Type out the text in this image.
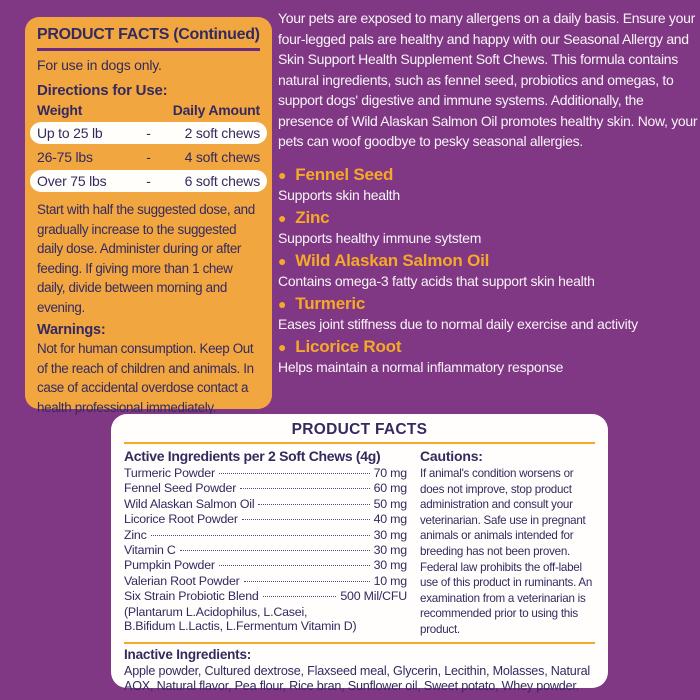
PRODUCT FACTS (Continued)
For use in dogs only.
Directions for Use:
Weight	Daily Amount
Up to 25 lb	-	2 soft chews
26-75 lbs	-	4 soft chews
Over 75 lbs	-	6 soft chews
Start with half the suggested dose, and gradually increase to the suggested daily dose. Administer during or after feeding. If giving more than 1 chew daily, divide between morning and evening.
Warnings:
Not for human consumption. Keep Out of the reach of children and animals. In case of accidental overdose contact a health professional immediately.

Your pets are exposed to many allergens on a daily basis. Ensure your four-legged pals are healthy and happy with our Seasonal Allergy and Skin Support Health Supplement Soft Chews. This formula contains natural ingredients, such as fennel seed, probiotics and omegas, to support dogs' digestive and immune systems. Additionally, the presence of Wild Alaskan Salmon Oil promotes healthy skin. Now, your pets can woof goodbye to pesky seasonal allergies.

● Fennel Seed
Supports skin health
● Zinc
Supports healthy immune sytstem
● Wild Alaskan Salmon Oil
Contains omega-3 fatty acids that support skin health
● Turmeric
Eases joint stiffness due to normal daily exercise and activity
● Licorice Root
Helps maintain a normal inflammatory response
PRODUCT FACTS
Active Ingredients per 2 Soft Chews (4g)
Turmeric Powder	70 mg
Fennel Seed Powder	60 mg
Wild Alaskan Salmon Oil	50 mg
Licorice Root Powder	40 mg
Zinc	30 mg
Vitamin C	30 mg
Pumpkin Powder	30 mg
Valerian Root Powder	10 mg
Six Strain Probiotic Blend	500 Mil/CFU
(Plantarum L.Acidophilus, L.Casei,
B.Bifidum L.Lactis, L.Fermentum Vitamin D)
Cautions:
If animal's condition worsens or does not improve, stop product administration and consult your veterinarian. Safe use in pregnant animals or animals intended for breeding has not been proven. Federal law prohibits the off-label use of this product in ruminants. An examination from a veterinarian is recommended prior to using this product.
Inactive Ingredients:
Apple powder, Cultured dextrose, Flaxseed meal, Glycerin, Lecithin, Molasses, Natural AOX, Natural flavor, Pea flour, Rice bran, Sunflower oil, Sweet potato, Whey powder.
